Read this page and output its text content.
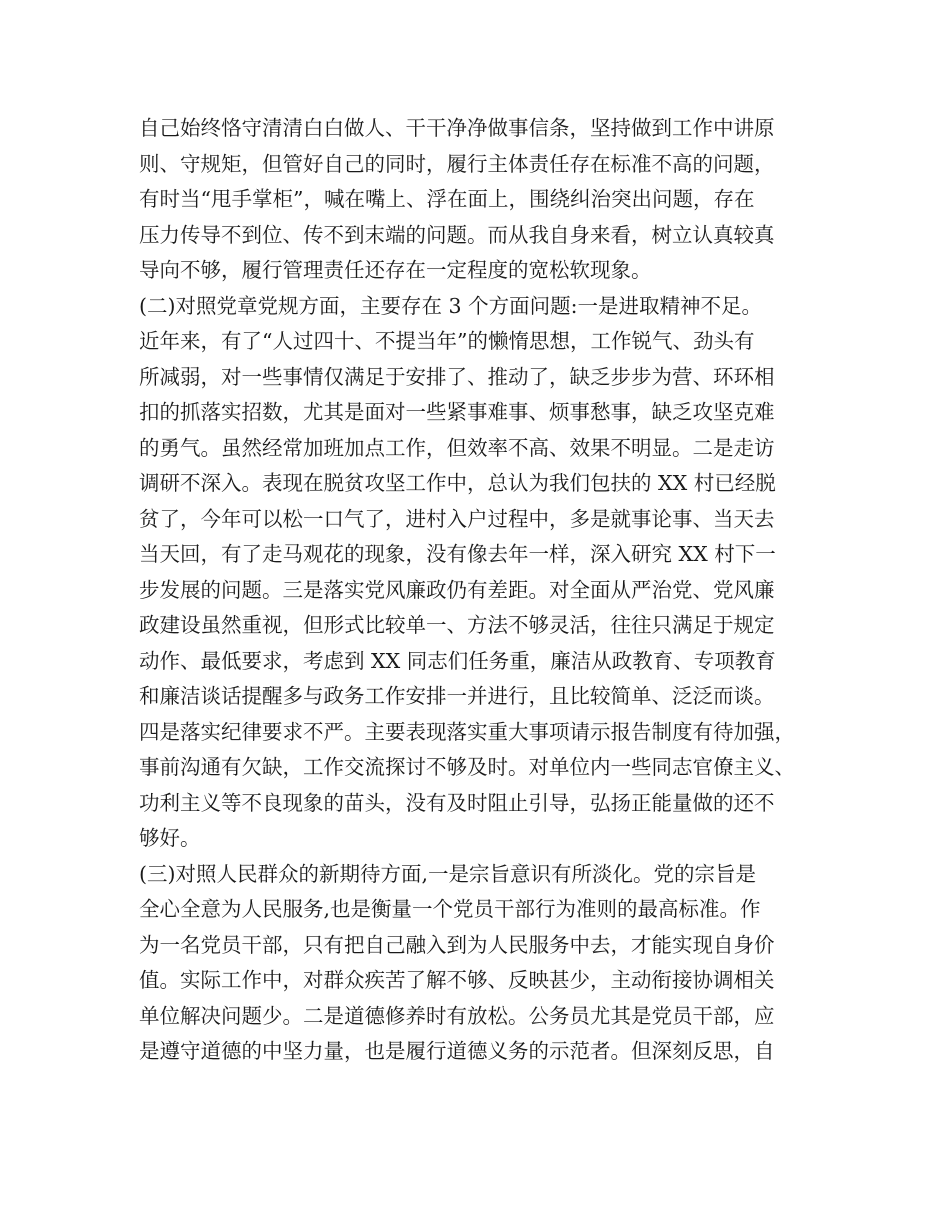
自己始终恪守清清白白做人、干干净净做事信条，坚持做到工作中讲原
则、守规矩，但管好自己的同时，履行主体责任存在标准不高的问题，
有时当“甩手掌柜”，喊在嘴上、浮在面上，围绕纠治突出问题，存在
压力传导不到位、传不到末端的问题。而从我自身来看，树立认真较真
导向不够，履行管理责任还存在一定程度的宽松软现象。
(二)对照党章党规方面，主要存在 3 个方面问题:一是进取精神不足。
近年来，有了“人过四十、不提当年”的懒惰思想，工作锐气、劲头有
所减弱，对一些事情仅满足于安排了、推动了，缺乏步步为营、环环相
扣的抓落实招数，尤其是面对一些紧事难事、烦事愁事，缺乏攻坚克难
的勇气。虽然经常加班加点工作，但效率不高、效果不明显。二是走访
调研不深入。表现在脱贫攻坚工作中，总认为我们包扶的 XX 村已经脱
贫了，今年可以松一口气了，进村入户过程中，多是就事论事、当天去
当天回，有了走马观花的现象，没有像去年一样，深入研究 XX 村下一
步发展的问题。三是落实党风廉政仍有差距。对全面从严治党、党风廉
政建设虽然重视，但形式比较单一、方法不够灵活，往往只满足于规定
动作、最低要求，考虑到 XX 同志们任务重，廉洁从政教育、专项教育
和廉洁谈话提醒多与政务工作安排一并进行，且比较简单、泛泛而谈。
四是落实纪律要求不严。主要表现落实重大事项请示报告制度有待加强，
事前沟通有欠缺，工作交流探讨不够及时。对单位内一些同志官僚主义、
功利主义等不良现象的苗头，没有及时阻止引导，弘扬正能量做的还不
够好。
(三)对照人民群众的新期待方面,一是宗旨意识有所淡化。党的宗旨是
全心全意为人民服务,也是衡量一个党员干部行为准则的最高标准。作
为一名党员干部，只有把自己融入到为人民服务中去，才能实现自身价
值。实际工作中，对群众疾苦了解不够、反映甚少，主动衔接协调相关
单位解决问题少。二是道德修养时有放松。公务员尤其是党员干部，应
是遵守道德的中坚力量，也是履行道德义务的示范者。但深刻反思，自
